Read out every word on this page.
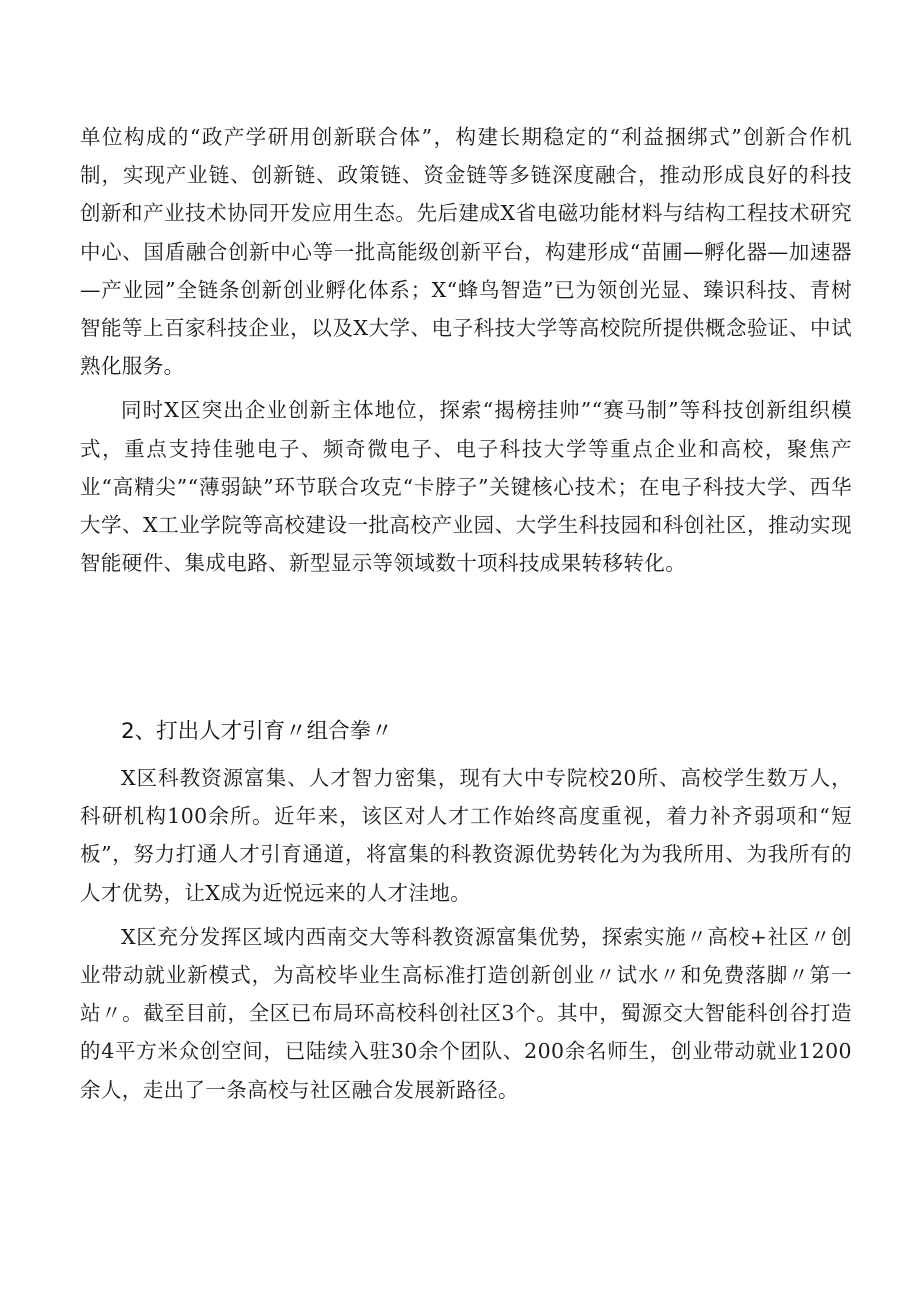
单位构成的“政产学研用创新联合体”，构建长期稳定的“利益捆绑式”创新合作机制，实现产业链、创新链、政策链、资金链等多链深度融合，推动形成良好的科技创新和产业技术协同开发应用生态。先后建成X省电磁功能材料与结构工程技术研究中心、国盾融合创新中心等一批高能级创新平台，构建形成“苗圃—孵化器—加速器—产业园”全链条创新创业孵化体系；X“蜂鸟智造”已为领创光显、臻识科技、青树智能等上百家科技企业，以及X大学、电子科技大学等高校院所提供概念验证、中试熟化服务。

同时X区突出企业创新主体地位，探索“揭榜挂帅”“赛马制”等科技创新组织模式，重点支持佳驰电子、频奇微电子、电子科技大学等重点企业和高校，聚焦产业“高精尖”“薄弱缺”环节联合攻克“卡脖子”关键核心技术；在电子科技大学、西华大学、X工业学院等高校建设一批高校产业园、大学生科技园和科创社区，推动实现智能硬件、集成电路、新型显示等领域数十项科技成果转移转化。

2、打出人才引育〃组合拳〃

X区科教资源富集、人才智力密集，现有大中专院校20所、高校学生数万人，科研机构100余所。近年来，该区对人才工作始终高度重视，着力补齐弱项和“短板”，努力打通人才引育通道，将富集的科教资源优势转化为为我所用、为我所有的人才优势，让X成为近悦远来的人才洼地。

X区充分发挥区域内西南交大等科教资源富集优势，探索实施〃高校+社区〃创业带动就业新模式，为高校毕业生高标准打造创新创业〃试水〃和免费落脚〃第一站〃。截至目前，全区已布局环高校科创社区3个。其中，蜀源交大智能科创谷打造的4平方米众创空间，已陆续入驻30余个团队、200余名师生，创业带动就业1200余人，走出了一条高校与社区融合发展新路径。
